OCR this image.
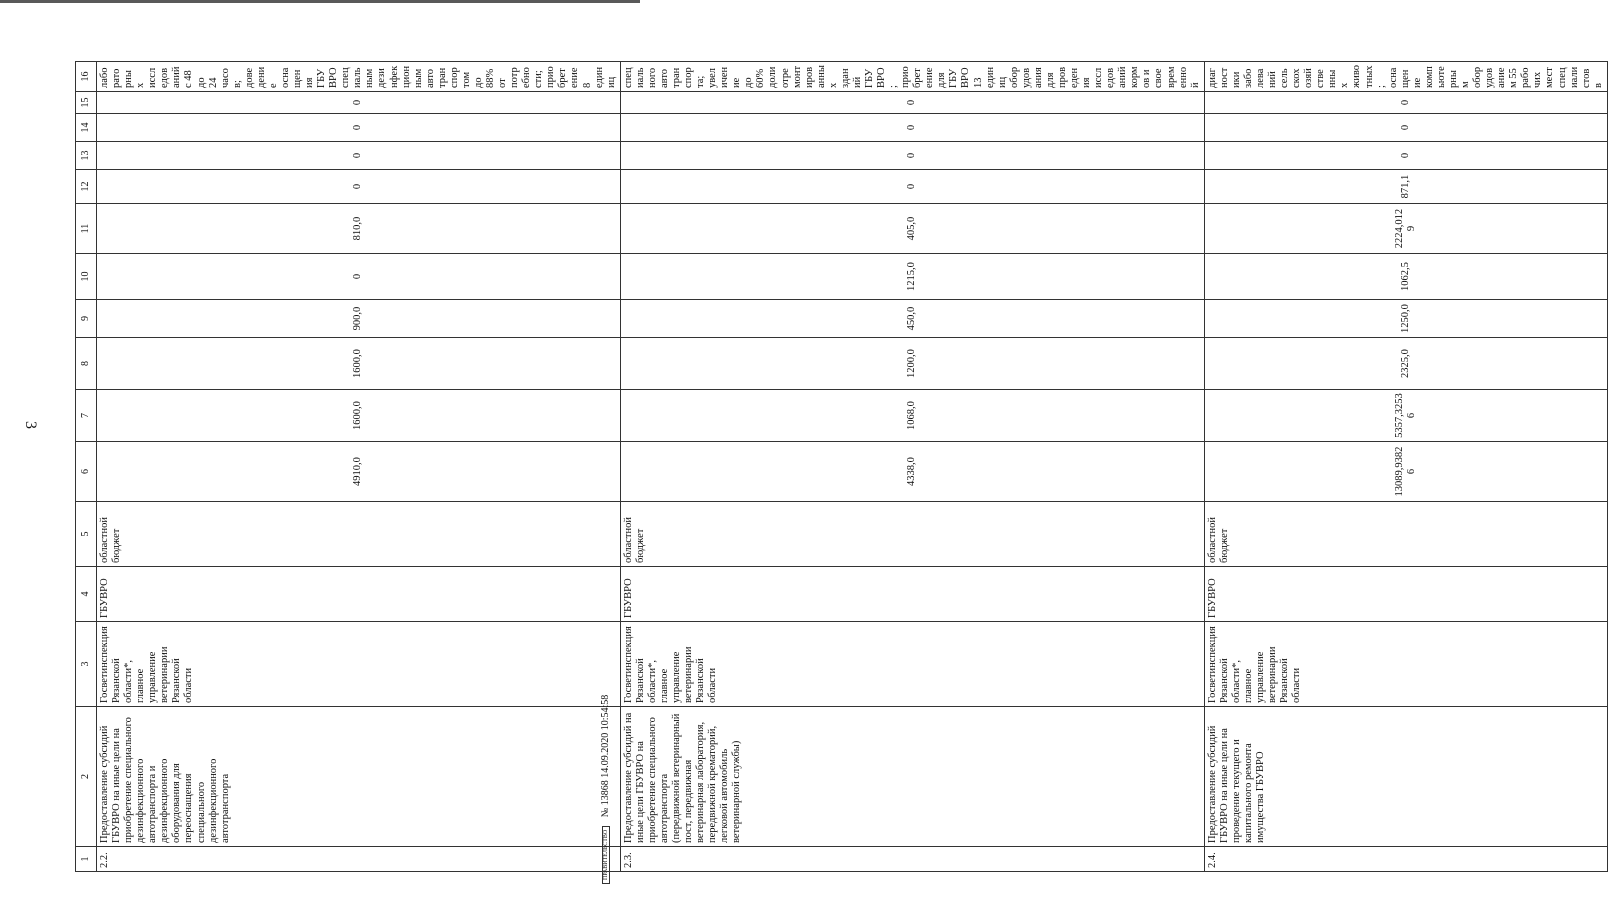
3
1	2	3	4	5	6	7	8	9	10	11	12	13	14	15	16
2.2.	Предоставление субсидий ГБУВРО на иные цели на приобретение специального дезинфекционного автотранспорта и дезинфекционного оборудования для переоснащения специального дезинфекционного автотранспорта	Госветинспекция Рязанской области*, главное управление ветеринарии Рязанской области	ГБУВРО	областной бюджет	4910,0	1600,0	1600,0	900,0	0	810,0	0	0	0	0	лабораторных исследований с 48 до 24 часов; доведение оснащения ГБУВРО специальным дезинфекционным автотранспортом до 88% от потребности; приобретение 8 единиц
2.3.	Предоставление субсидий на иные цели ГБУВРО на приобретение специального автотранспорта (передвижной ветеринарный пост, передвижная ветеринарная лаборатория, передвижной крематорий, легковой автомобиль ветеринарной службы)	Госветинспекция Рязанской области*, главное управление ветеринарии Рязанской области	ГБУВРО	областной бюджет	4338,0	1068,0	1200,0	450,0	1215,0	405,0	0	0	0	0	специального автотранспорта; увеличение до 60% доли отремонтированных зданий ГБУВРО; приобретение для ГБУВРО 13 единиц оборудования для проведения исследований кормов и своевременной
2.4.	Предоставление субсидий ГБУВРО на иные цели на проведение текущего и капитального ремонта имущества ГБУВРО	Госветинспекция Рязанской области*, главное управление ветеринарии Рязанской области	ГБУВРО	областной бюджет	13089,93826	5357,32536	2325,0	1250,0	1062,5	2224,0129	871,1	0	0	0	диагностики заболеваний сельскохозяйственных животных; оснащение компьютерным оборудованием 55 рабочих мест специалистов в
ПРАВИТЕЛЬСТВО № 13868 14.09.2020 10:54:58
